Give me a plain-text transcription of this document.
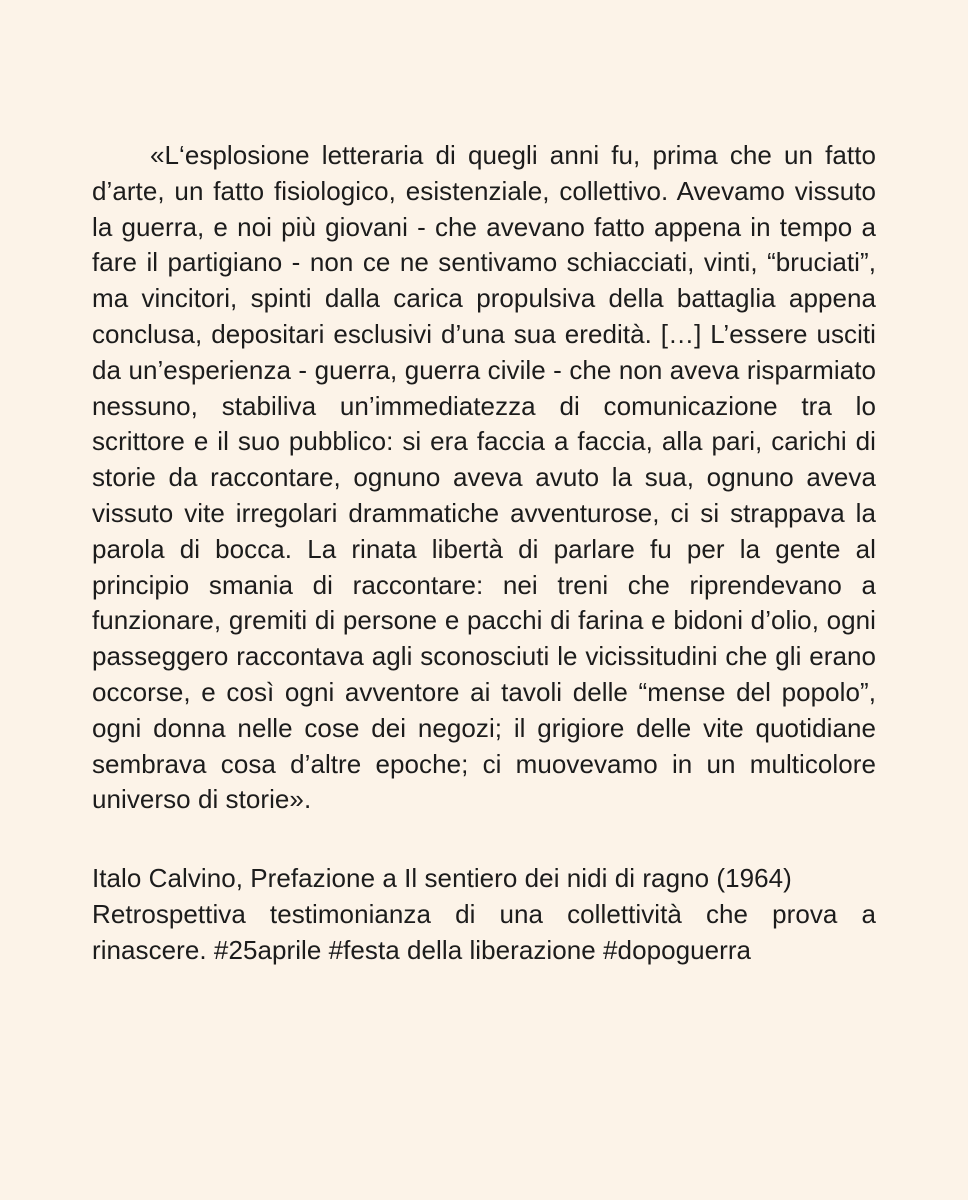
«L‘esplosione letteraria di quegli anni fu, prima che un fatto d’arte, un fatto fisiologico, esistenziale, collettivo. Avevamo vissuto la guerra, e noi più giovani - che avevano fatto appena in tempo a fare il partigiano - non ce ne sentivamo schiacciati, vinti, “bruciati”, ma vincitori, spinti dalla carica propulsiva della battaglia appena conclusa, depositari esclusivi d’una sua eredità. […] L’essere usciti da un’esperienza - guerra, guerra civile - che non aveva risparmiato nessuno, stabiliva un’immediatezza di comunicazione tra lo scrittore e il suo pubblico: si era faccia a faccia, alla pari, carichi di storie da raccontare, ognuno aveva avuto la sua, ognuno aveva vissuto vite irregolari drammatiche avventurose, ci si strappava la parola di bocca. La rinata libertà di parlare fu per la gente al principio smania di raccontare: nei treni che riprendevano a funzionare, gremiti di persone e pacchi di farina e bidoni d’olio, ogni passeggero raccontava agli sconosciuti le vicissitudini che gli erano occorse, e così ogni avventore ai tavoli delle “mense del popolo”, ogni donna nelle cose dei negozi; il grigiore delle vite quotidiane sembrava cosa d’altre epoche; ci muovevamo in un multicolore universo di storie».

Italo Calvino, Prefazione a Il sentiero dei nidi di ragno (1964)
Retrospettiva testimonianza di una collettività che prova a rinascere. #25aprile #festa della liberazione #dopoguerra
